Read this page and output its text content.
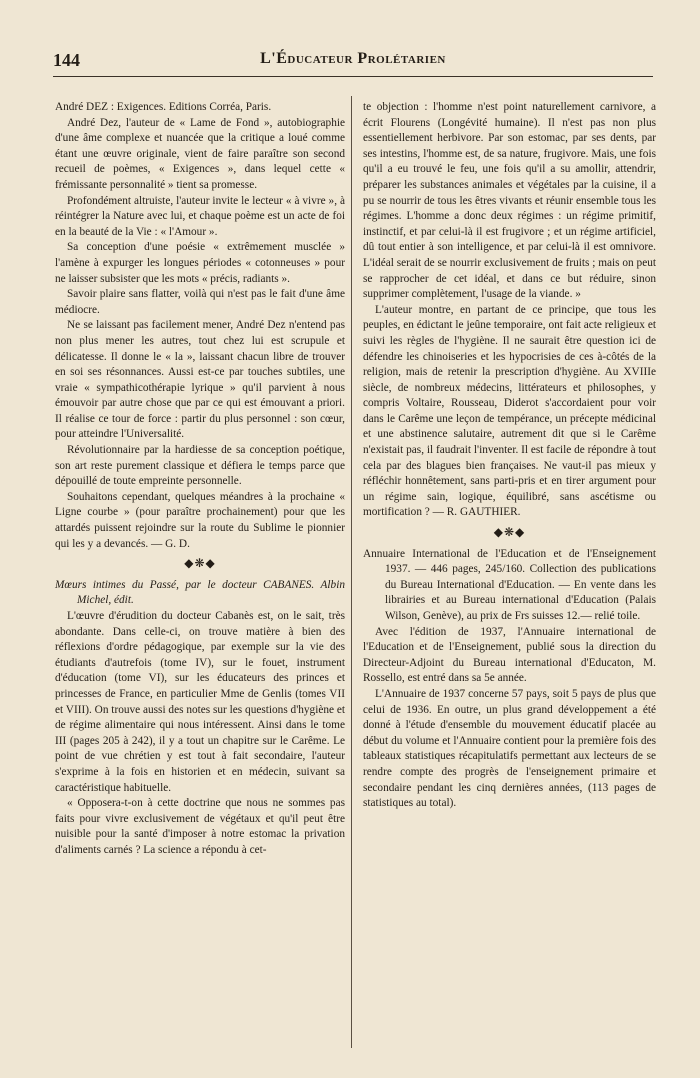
L'Éducateur Prolétarien
144

André DEZ : Exigences. Editions Corréa, Paris.

André Dez, l'auteur de « Lame de Fond », autobiographie d'une âme complexe et nuancée que la critique a loué comme étant une œuvre originale, vient de faire paraître son second recueil de poèmes, « Exigences », dans lequel cette « frémissante personnalité » tient sa promesse.

Profondément altruiste, l'auteur invite le lecteur « à vivre », à réintégrer la Nature avec lui, et chaque poème est un acte de foi en la beauté de la Vie : « l'Amour ».

Sa conception d'une poésie « extrêmement musclée » l'amène à expurger les longues périodes « cotonneuses » pour ne laisser subsister que les mots « précis, radiants ».

Savoir plaire sans flatter, voilà qui n'est pas le fait d'une âme médiocre.

Ne se laissant pas facilement mener, André Dez n'entend pas non plus mener les autres, tout chez lui est scrupule et délicatesse. Il donne le « la », laissant chacun libre de trouver en soi ses résonnances. Aussi est-ce par touches subtiles, une vraie « sympathicothérapie lyrique » qu'il parvient à nous émouvoir par autre chose que par ce qui est émouvant a priori. Il réalise ce tour de force : partir du plus personnel : son cœur, pour atteindre l'Universalité.

Révolutionnaire par la hardiesse de sa conception poétique, son art reste purement classique et défiera le temps parce que dépouillé de toute empreinte personnelle.

Souhaitons cependant, quelques méandres à la prochaine « Ligne courbe » (pour paraître prochainement) pour que les attardés puissent rejoindre sur la route du Sublime le pionnier qui les y a devancés. — G. D.

◆❋◆

Mœurs intimes du Passé, par le docteur CABANES. Albin Michel, édit.

L'œuvre d'érudition du docteur Cabanès est, on le sait, très abondante. Dans celle-ci, on trouve matière à bien des réflexions d'ordre pédagogique, par exemple sur la vie des étudiants d'autrefois (tome IV), sur le fouet, instrument d'éducation (tome VI), sur les éducateurs des princes et princesses de France, en particulier Mme de Genlis (tomes VII et VIII). On trouve aussi des notes sur les questions d'hygiène et de régime alimentaire qui nous intéressent. Ainsi dans le tome III (pages 205 à 242), il y a tout un chapitre sur le Carême. Le point de vue chrétien y est tout à fait secondaire, l'auteur s'exprime à la fois en historien et en médecin, suivant sa caractéristique habituelle.

« Opposera-t-on à cette doctrine que nous ne sommes pas faits pour vivre exclusivement de végétaux et qu'il peut être nuisible pour la santé d'imposer à notre estomac la privation d'aliments carnés ? La science a répondu à cet-

te objection : l'homme n'est point naturellement carnivore, a écrit Flourens (Longévité humaine). Il n'est pas non plus essentiellement herbivore. Par son estomac, par ses dents, par ses intestins, l'homme est, de sa nature, frugivore. Mais, une fois qu'il a eu trouvé le feu, une fois qu'il a su amollir, attendrir, préparer les substances animales et végétales par la cuisine, il a pu se nourrir de tous les êtres vivants et réunir ensemble tous les régimes. L'homme a donc deux régimes : un régime primitif, instinctif, et par celui-là il est frugivore ; et un régime artificiel, dû tout entier à son intelligence, et par celui-là il est omnivore. L'idéal serait de se nourrir exclusivement de fruits ; mais on peut se rapprocher de cet idéal, et dans ce but réduire, sinon supprimer complètement, l'usage de la viande. »

L'auteur montre, en partant de ce principe, que tous les peuples, en édictant le jeûne temporaire, ont fait acte religieux et suivi les règles de l'hygiène. Il ne saurait être question ici de défendre les chinoiseries et les hypocrisies de ces à-côtés de la religion, mais de retenir la prescription d'hygiène. Au XVIIIe siècle, de nombreux médecins, littérateurs et philosophes, y compris Voltaire, Rousseau, Diderot s'accordaient pour voir dans le Carême une leçon de tempérance, un précepte médicinal et une abstinence salutaire, autrement dit que si le Carême n'existait pas, il faudrait l'inventer. Il est facile de répondre à tout cela par des blagues bien françaises. Ne vaut-il pas mieux y réfléchir honnêtement, sans parti-pris et en tirer argument pour un régime sain, logique, équilibré, sans ascétisme ou mortification ? — R. GAUTHIER.

◆❋◆

Annuaire International de l'Education et de l'Enseignement 1937. — 446 pages, 245/160. Collection des publications du Bureau International d'Education. — En vente dans les librairies et au Bureau international d'Education (Palais Wilson, Genève), au prix de Frs suisses 12.— relié toile.

Avec l'édition de 1937, l'Annuaire international de l'Education et de l'Enseignement, publié sous la direction du Directeur-Adjoint du Bureau international d'Educaton, M. Rossello, est entré dans sa 5e année.

L'Annuaire de 1937 concerne 57 pays, soit 5 pays de plus que celui de 1936. En outre, un plus grand développement a été donné à l'étude d'ensemble du mouvement éducatif placée au début du volume et l'Annuaire contient pour la première fois des tableaux statistiques récapitulatifs permettant aux lecteurs de se rendre compte des progrès de l'enseignement primaire et secondaire pendant les cinq dernières années, (113 pages de statistiques au total).
